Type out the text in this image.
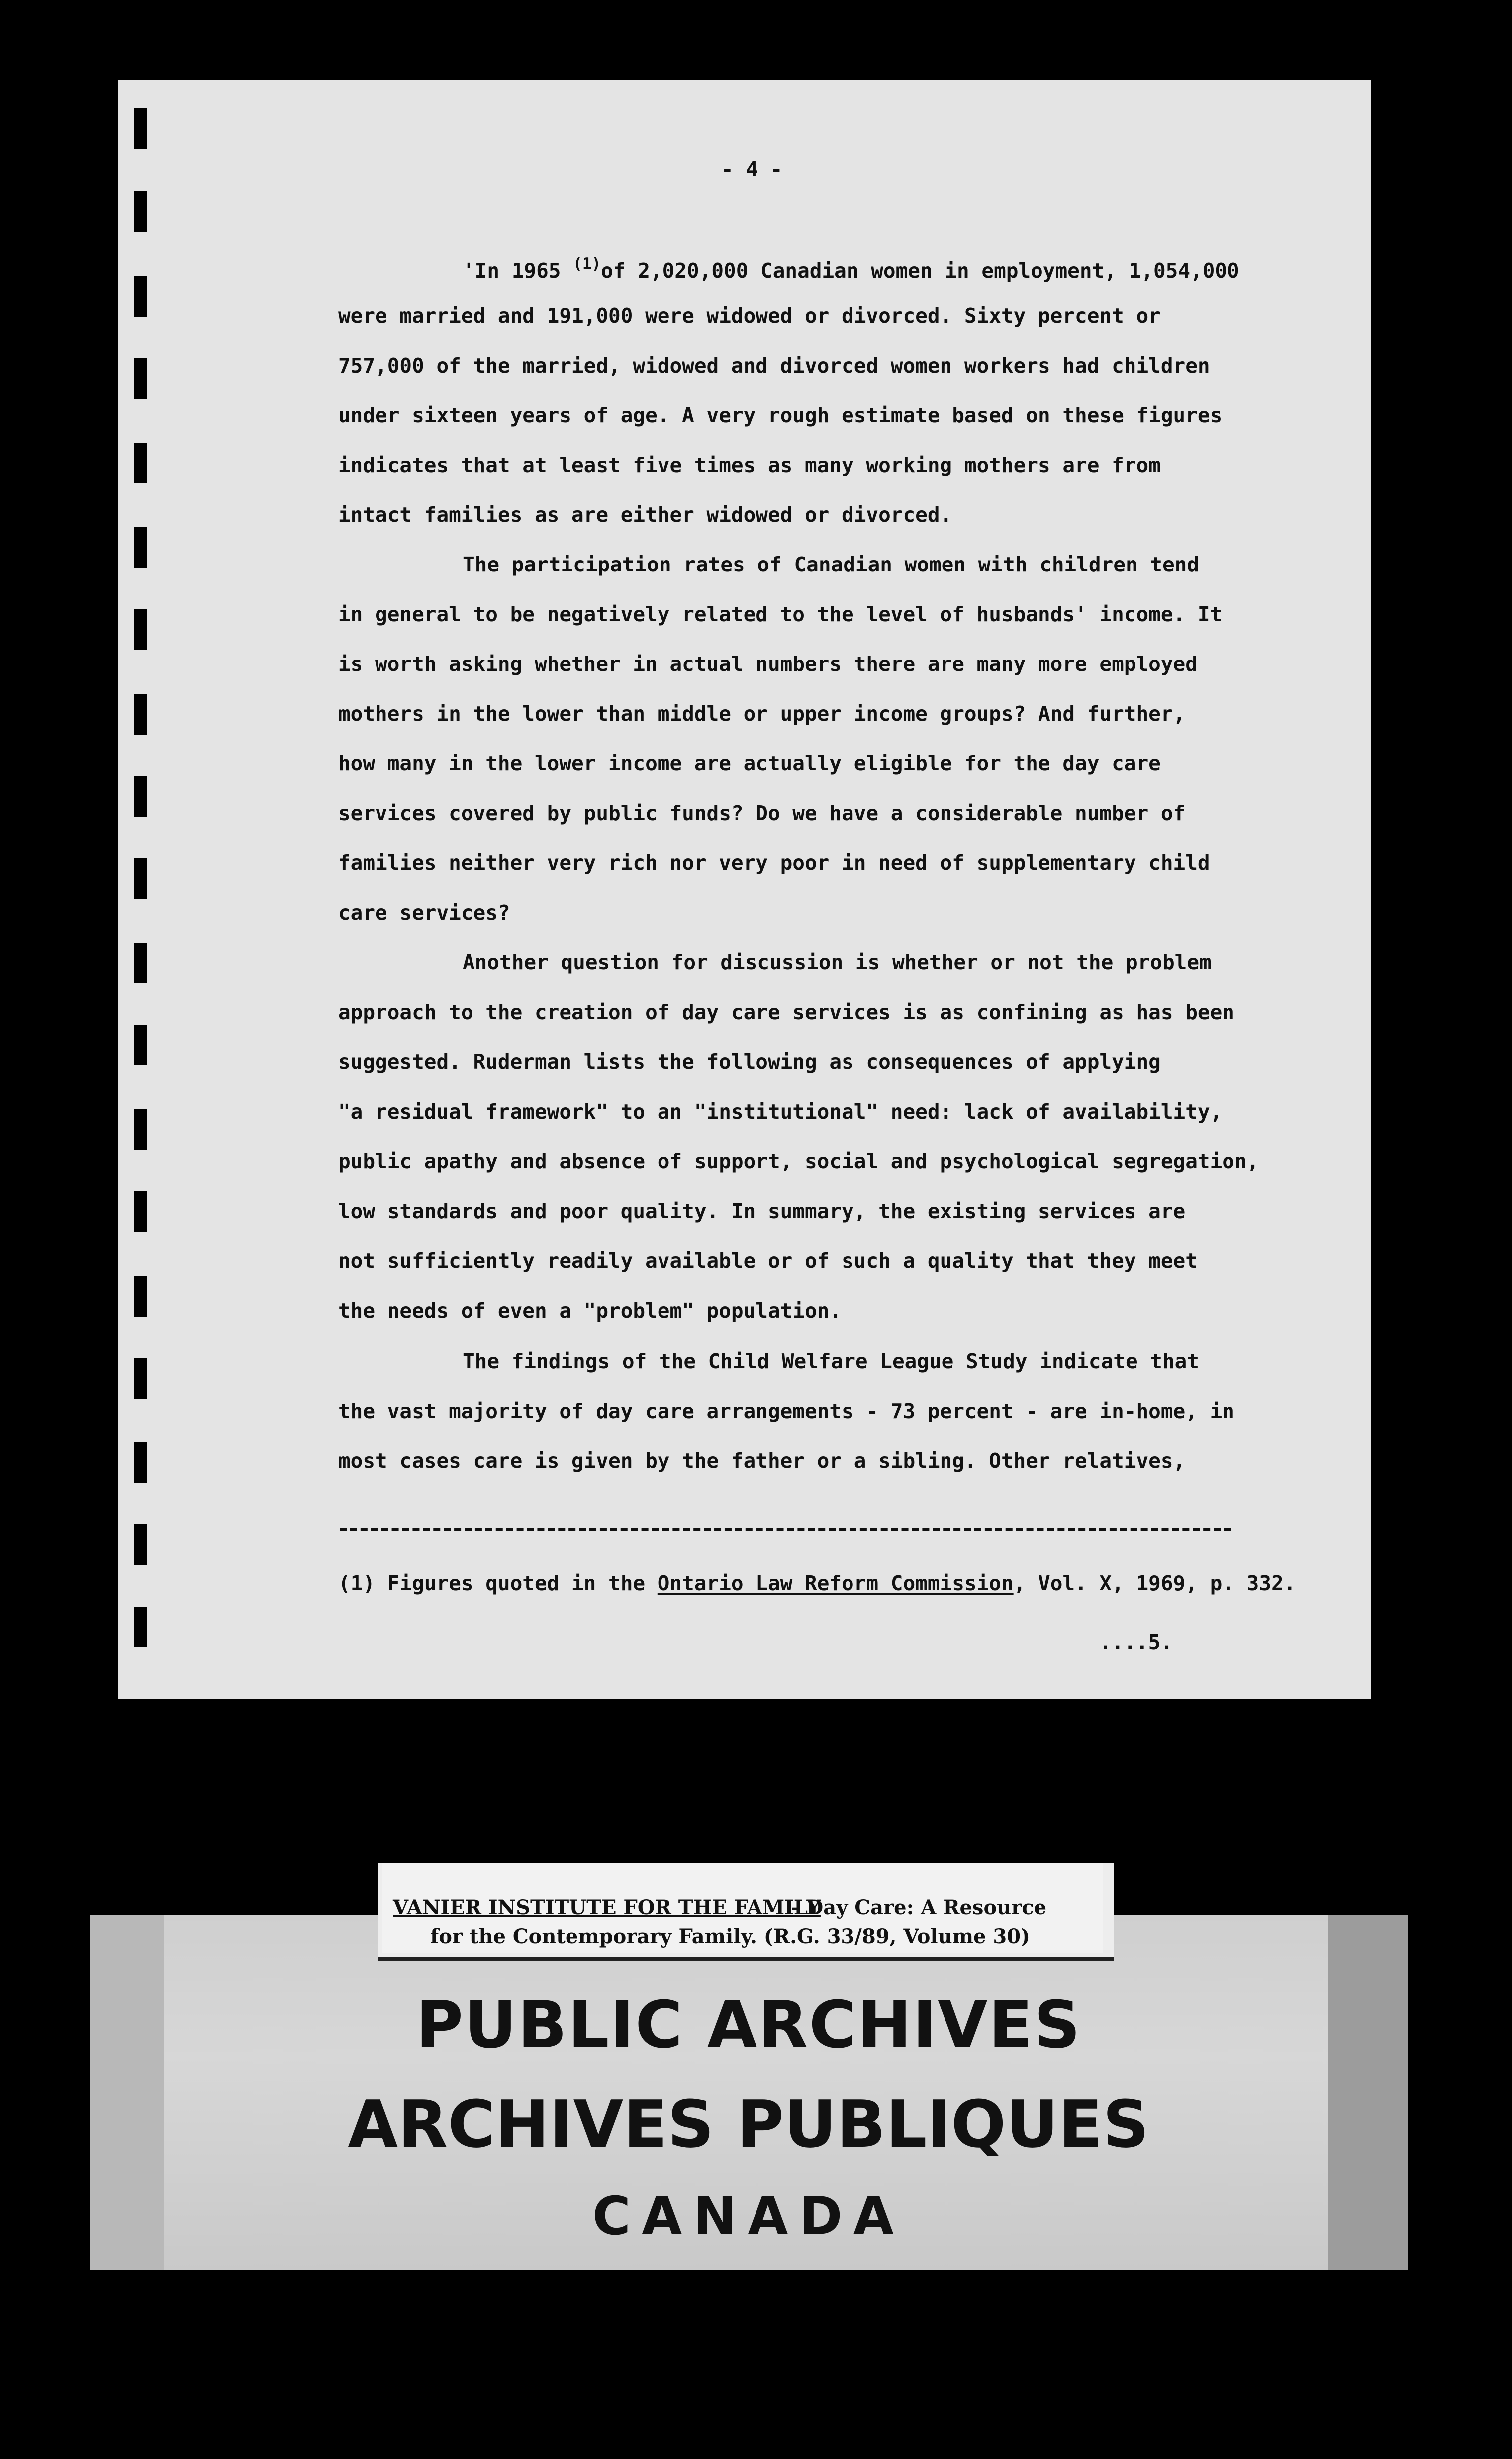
- 4 -

'In 1965 $^{(1)}$of 2,020,000 Canadian women in employment, 1,054,000

were married and 191,000 were widowed or divorced. Sixty percent or

757,000 of the married, widowed and divorced women workers had children

under sixteen years of age. A very rough estimate based on these figures

indicates that at least five times as many working mothers are from

intact families as are either widowed or divorced.

The participation rates of Canadian women with children tend

in general to be negatively related to the level of husbands' income. It

is worth asking whether in actual numbers there are many more employed

mothers in the lower than middle or upper income groups? And further,

how many in the lower income are actually eligible for the day care

services covered by public funds? Do we have a considerable number of

families neither very rich nor very poor in need of supplementary child

care services?

Another question for discussion is whether or not the problem

approach to the creation of day care services is as confining as has been

suggested. Ruderman lists the following as consequences of applying

"a residual framework" to an "institutional" need: lack of availability,

public apathy and absence of support, social and psychological segregation,

low standards and poor quality. In summary, the existing services are

not sufficiently readily available or of such a quality that they meet

the needs of even a "problem" population.

The findings of the Child Welfare League Study indicate that

the vast majority of day care arrangements - 73 percent - are in-home, in

most cases care is given by the father or a sibling. Other relatives,

(1) Figures quoted in the Ontario Law Reform Commission, Vol. X, 1969, p. 332.

....5.

VANIER INSTITUTE FOR THE FAMILY
- Day Care: A Resource
for the Contemporary Family. (R.G. 33/89, Volume 30)
PUBLIC ARCHIVES
ARCHIVES PUBLIQUES
CANADA
